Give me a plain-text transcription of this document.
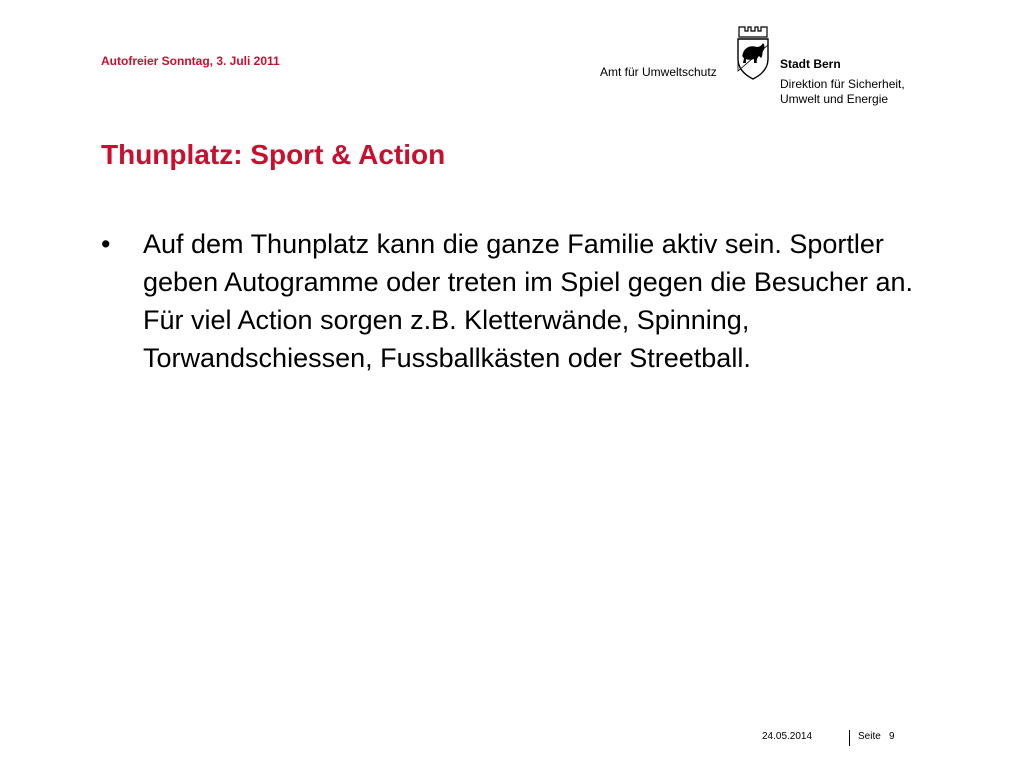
Autofreier Sonntag, 3. Juli 2011
Amt für Umweltschutz
Stadt Bern
Direktion für Sicherheit,
Umwelt und Energie
Thunplatz: Sport & Action
• Auf dem Thunplatz kann die ganze Familie aktiv sein. Sportler geben Autogramme oder treten im Spiel gegen die Besucher an. Für viel Action sorgen z.B. Kletterwände, Spinning, Torwandschiessen, Fussballkästen oder Streetball.
24.05.2014	Seite 9
